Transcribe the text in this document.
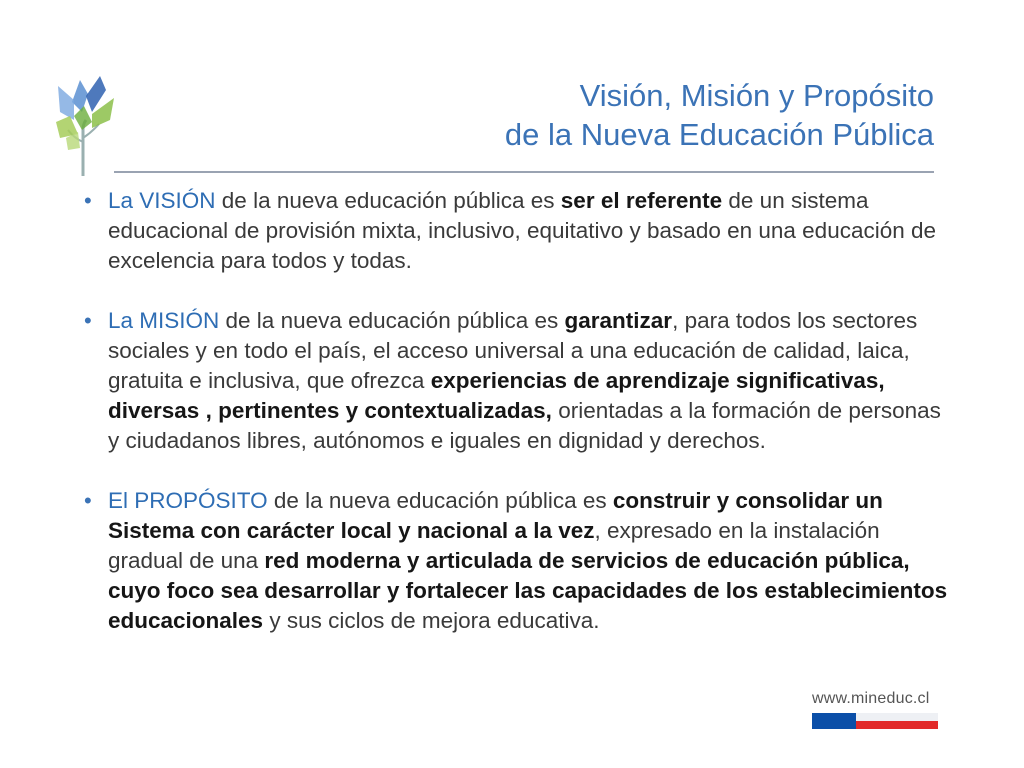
Visión, Misión y Propósito
de la Nueva Educación Pública
• La VISIÓN de la nueva educación pública es ser el referente de un sistema educacional de provisión mixta, inclusivo, equitativo y basado en una educación de excelencia para todos y todas.
• La MISIÓN de la nueva educación pública es garantizar, para todos los sectores sociales y en todo el país, el acceso universal a una educación de calidad, laica, gratuita e inclusiva, que ofrezca experiencias de aprendizaje significativas, diversas , pertinentes y contextualizadas, orientadas a la formación de personas y ciudadanos libres, autónomos e iguales en dignidad y derechos.
• El PROPÓSITO de la nueva educación pública es construir y consolidar un Sistema con carácter local y nacional a la vez, expresado en la instalación gradual de una red moderna y articulada de servicios de educación pública, cuyo foco sea desarrollar y fortalecer las capacidades de los establecimientos educacionales y sus ciclos de mejora educativa.
www.mineduc.cl
